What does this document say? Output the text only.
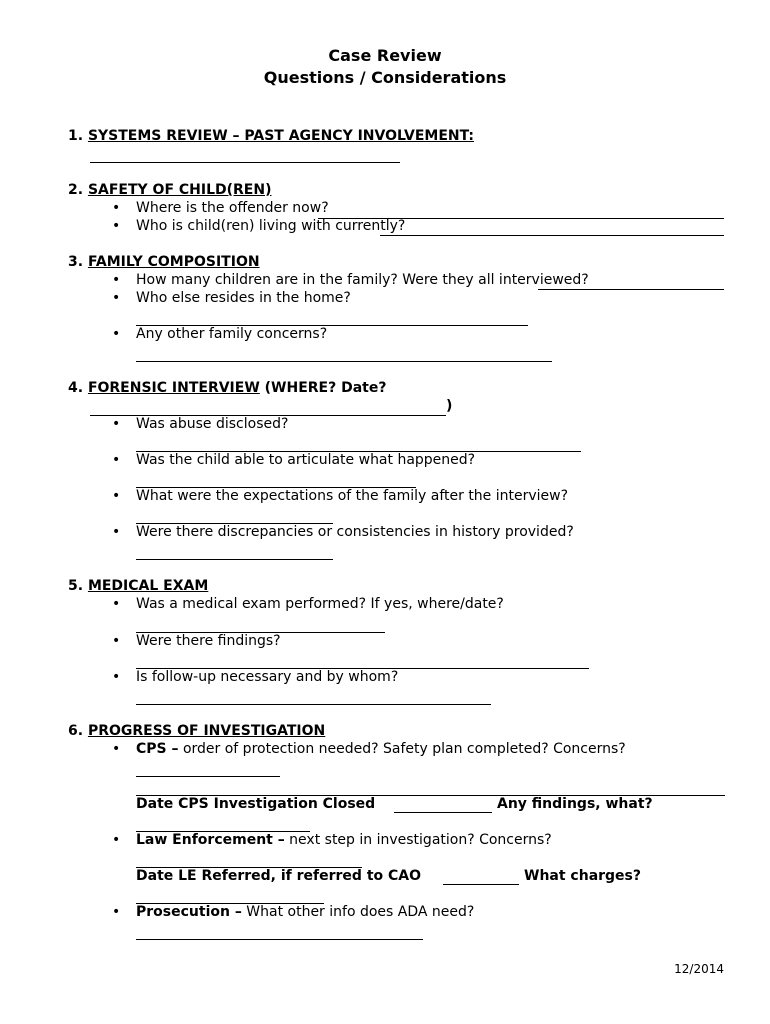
Case Review
Questions / Considerations
1. SYSTEMS REVIEW – PAST AGENCY INVOLVEMENT:
2. SAFETY OF CHILD(REN)
• Where is the offender now?
• Who is child(ren) living with currently?
3. FAMILY COMPOSITION
• How many children are in the family? Were they all interviewed?
• Who else resides in the home?
• Any other family concerns?
4. FORENSIC INTERVIEW (WHERE? Date?
)
• Was abuse disclosed?
• Was the child able to articulate what happened?
• What were the expectations of the family after the interview?
• Were there discrepancies or consistencies in history provided?
5. MEDICAL EXAM
• Was a medical exam performed? If yes, where/date?
• Were there findings?
• Is follow-up necessary and by whom?
6. PROGRESS OF INVESTIGATION
• CPS – order of protection needed? Safety plan completed? Concerns?
Date CPS Investigation Closed	Any findings, what?
• Law Enforcement – next step in investigation? Concerns?
Date LE Referred, if referred to CAO	What charges?
• Prosecution – What other info does ADA need?
12/2014
